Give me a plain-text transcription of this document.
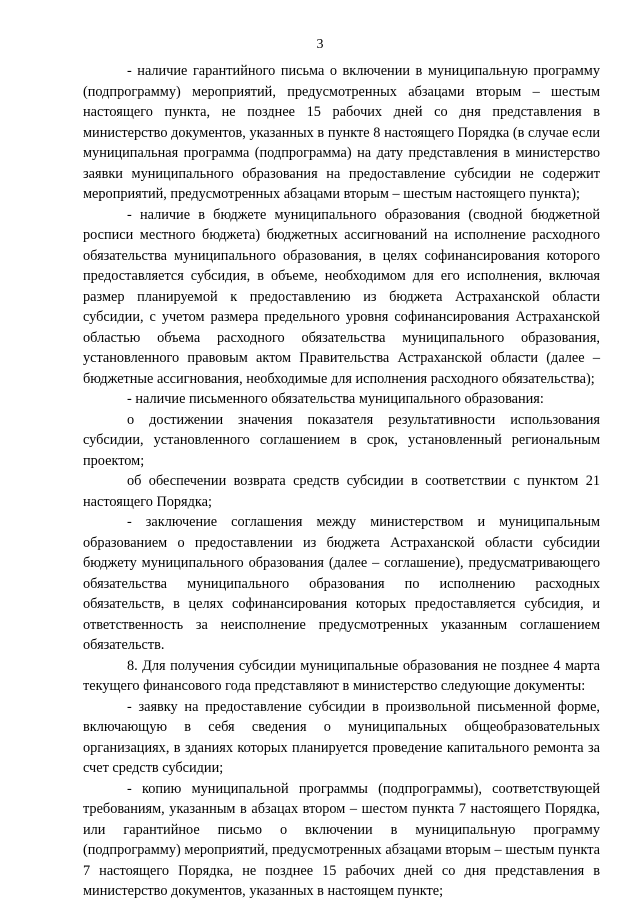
3

- наличие гарантийного письма о включении в муниципальную программу (подпрограмму) мероприятий, предусмотренных абзацами вторым – шестым настоящего пункта, не позднее 15 рабочих дней со дня представления в министерство документов, указанных в пункте 8 настоящего Порядка (в случае если муниципальная программа (подпрограмма) на дату представления в министерство заявки муниципального образования на предоставление субсидии не содержит мероприятий, предусмотренных абзацами вторым – шестым настоящего пункта);

- наличие в бюджете муниципального образования (сводной бюджетной росписи местного бюджета) бюджетных ассигнований на исполнение расходного обязательства муниципального образования, в целях софинансирования которого предоставляется субсидия, в объеме, необходимом для его исполнения, включая размер планируемой к предоставлению из бюджета Астраханской области субсидии, с учетом размера предельного уровня софинансирования Астраханской областью объема расходного обязательства муниципального образования, установленного правовым актом Правительства Астраханской области (далее – бюджетные ассигнования, необходимые для исполнения расходного обязательства);

- наличие письменного обязательства муниципального образования:

о достижении значения показателя результативности использования субсидии, установленного соглашением в срок, установленный региональным проектом;

об обеспечении возврата средств субсидии в соответствии с пунктом 21 настоящего Порядка;

- заключение соглашения между министерством и муниципальным образованием о предоставлении из бюджета Астраханской области субсидии бюджету муниципального образования (далее – соглашение), предусматривающего обязательства муниципального образования по исполнению расходных обязательств, в целях софинансирования которых предоставляется субсидия, и ответственность за неисполнение предусмотренных указанным соглашением обязательств.

8. Для получения субсидии муниципальные образования не позднее 4 марта текущего финансового года представляют в министерство следующие документы:

- заявку на предоставление субсидии в произвольной письменной форме, включающую в себя сведения о муниципальных общеобразовательных организациях, в зданиях которых планируется проведение капитального ремонта за счет средств субсидии;

- копию муниципальной программы (подпрограммы), соответствующей требованиям, указанным в абзацах втором – шестом пункта 7 настоящего Порядка, или гарантийное письмо о включении в муниципальную программу (подпрограмму) мероприятий, предусмотренных абзацами вторым – шестым пункта 7 настоящего Порядка, не позднее 15 рабочих дней со дня представления в министерство документов, указанных в настоящем пункте;
